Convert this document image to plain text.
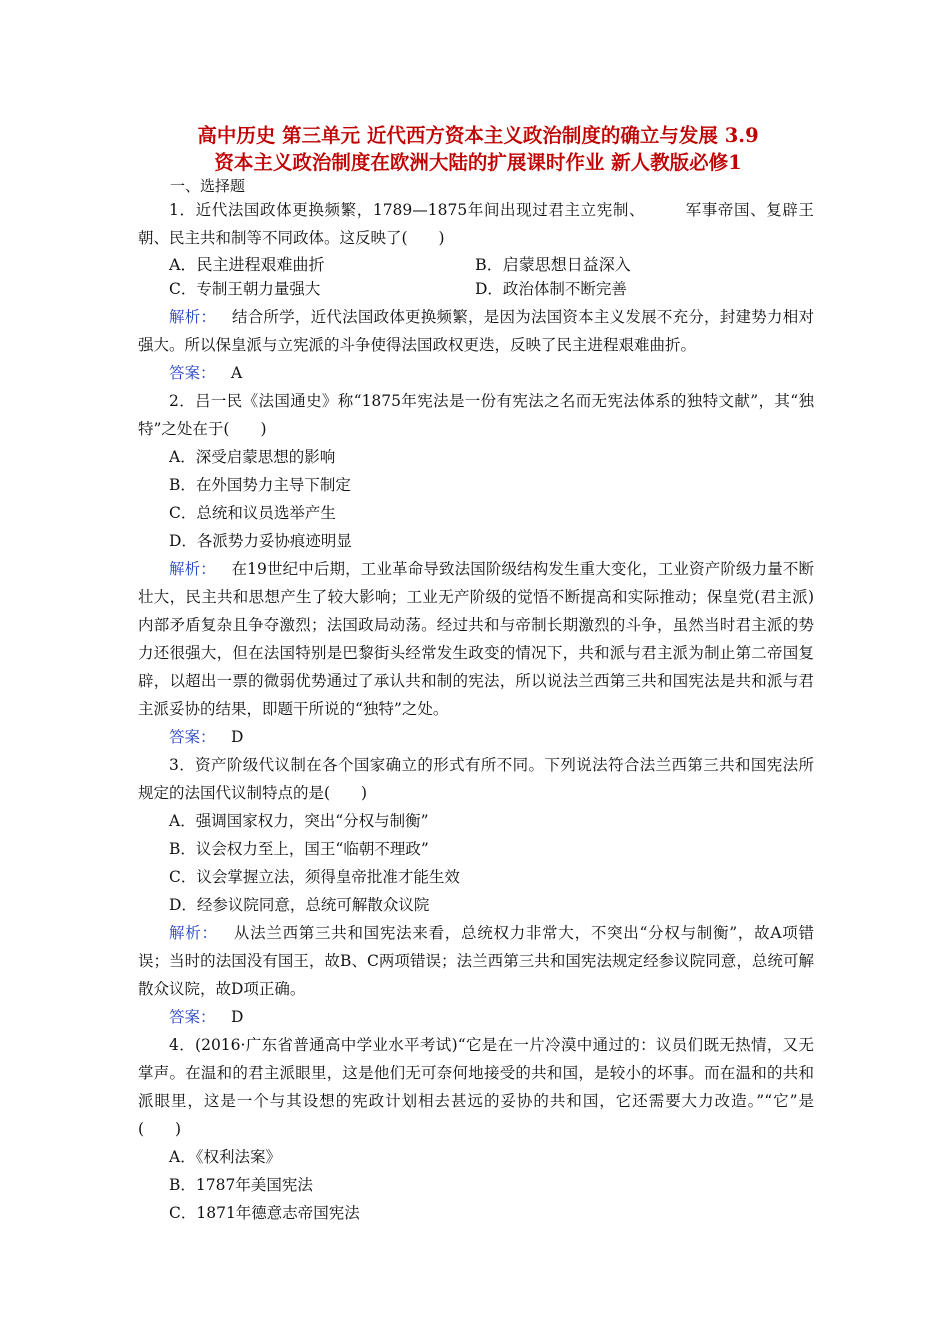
高中历史 第三单元 近代西方资本主义政治制度的确立与发展 3.9
资本主义政治制度在欧洲大陆的扩展课时作业 新人教版必修1
一、选择题

1．近代法国政体更换频繁，1789—1875年间出现过君主立宪制、	军事帝国、复辟王朝、民主共和制等不同政体。这反映了(　　)

A．民主进程艰难曲折	B．启蒙思想日益深入
C．专制王朝力量强大	D．政治体制不断完善

解析：  结合所学，近代法国政体更换频繁，是因为法国资本主义发展不充分，封建势力相对强大。所以保皇派与立宪派的斗争使得法国政权更迭，反映了民主进程艰难曲折。

答案：  A

2．吕一民《法国通史》称“1875年宪法是一份有宪法之名而无宪法体系的独特文献”，其“独特”之处在于(　　)

A．深受启蒙思想的影响

B．在外国势力主导下制定

C．总统和议员选举产生

D．各派势力妥协痕迹明显

解析：  在19世纪中后期，工业革命导致法国阶级结构发生重大变化，工业资产阶级力量不断壮大，民主共和思想产生了较大影响；工业无产阶级的觉悟不断提高和实际推动；保皇党(君主派)内部矛盾复杂且争夺激烈；法国政局动荡。经过共和与帝制长期激烈的斗争，虽然当时君主派的势力还很强大，但在法国特别是巴黎街头经常发生政变的情况下，共和派与君主派为制止第二帝国复辟，以超出一票的微弱优势通过了承认共和制的宪法，所以说法兰西第三共和国宪法是共和派与君主派妥协的结果，即题干所说的“独特”之处。

答案：  D

3．资产阶级代议制在各个国家确立的形式有所不同。下列说法符合法兰西第三共和国宪法所规定的法国代议制特点的是(　　)

A．强调国家权力，突出“分权与制衡”

B．议会权力至上，国王“临朝不理政”

C．议会掌握立法，须得皇帝批准才能生效

D．经参议院同意，总统可解散众议院

解析：  从法兰西第三共和国宪法来看，总统权力非常大，不突出“分权与制衡”，故A项错误；当时的法国没有国王，故B、C两项错误；法兰西第三共和国宪法规定经参议院同意，总统可解散众议院，故D项正确。

答案：  D

4．(2016·广东省普通高中学业水平考试)“它是在一片冷漠中通过的：议员们既无热情，又无掌声。在温和的君主派眼里，这是他们无可奈何地接受的共和国，是较小的坏事。而在温和的共和派眼里，这是一个与其设想的宪政计划相去甚远的妥协的共和国，它还需要大力改造。”“它”是(　　)

A．《权利法案》

B．1787年美国宪法

C．1871年德意志帝国宪法
